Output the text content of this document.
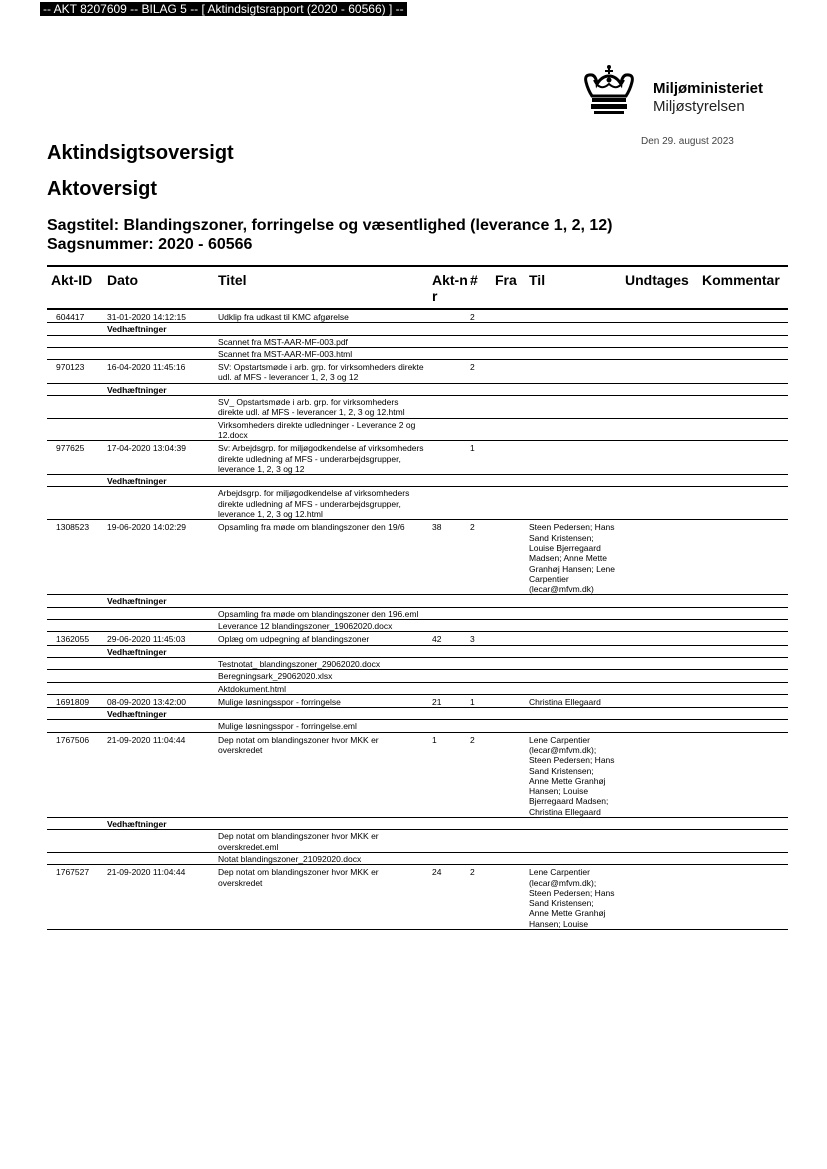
-- AKT 8207609 -- BILAG 5 -- [ Aktindsigtsrapport (2020 - 60566) ] --
Miljøministeriet
Miljøstyrelsen
Den 29. august 2023
Aktindsigtsoversigt
Aktoversigt
Sagstitel: Blandingszoner, forringelse og væsentlighed (leverance 1, 2, 12)
Sagsnummer: 2020 - 60566
Akt-ID	Dato	Titel	Akt-nr	#	Fra	Til	Undtages	Kommentar
604417	31-01-2020 14:12:15	Udklip fra udkast til KMC afgørelse		2				
	Vedhæftninger							
		Scannet fra MST-AAR-MF-003.pdf						
		Scannet fra MST-AAR-MF-003.html						
970123	16-04-2020 11:45:16	SV: Opstartsmøde i arb. grp. for virksomheders direkte udl. af MFS - leverancer 1, 2, 3 og 12		2				
	Vedhæftninger							
		SV_ Opstartsmøde i arb. grp. for virksomheders direkte udl. af MFS - leverancer 1, 2, 3 og 12.html						
		Virksomheders direkte udledninger - Leverance 2 og 12.docx						
977625	17-04-2020 13:04:39	Sv: Arbejdsgrp. for miljøgodkendelse af virksomheders direkte udledning af MFS - underarbejdsgrupper, leverance 1, 2, 3 og 12		1				
	Vedhæftninger							
		Arbejdsgrp. for miljøgodkendelse af virksomheders direkte udledning af MFS - underarbejdsgrupper, leverance 1, 2, 3 og 12.html						
1308523	19-06-2020 14:02:29	Opsamling fra møde om blandingszoner den 19/6	38	2		Steen Pedersen; Hans Sand Kristensen; Louise Bjerregaard Madsen; Anne Mette Granhøj Hansen; Lene Carpentier (lecar@mfvm.dk)		
	Vedhæftninger							
		Opsamling fra møde om blandingszoner den 196.eml						
		Leverance 12 blandingszoner_19062020.docx						
1362055	29-06-2020 11:45:03	Oplæg om udpegning af blandingszoner	42	3				
	Vedhæftninger							
		Testnotat_ blandingszoner_29062020.docx						
		Beregningsark_29062020.xlsx						
		Aktdokument.html						
1691809	08-09-2020 13:42:00	Mulige løsningsspor - forringelse	21	1		Christina Ellegaard		
	Vedhæftninger							
		Mulige løsningsspor - forringelse.eml						
1767506	21-09-2020 11:04:44	Dep notat om blandingszoner hvor MKK er overskredet	1	2		Lene Carpentier (lecar@mfvm.dk); Steen Pedersen; Hans Sand Kristensen; Anne Mette Granhøj Hansen; Louise Bjerregaard Madsen; Christina Ellegaard		
	Vedhæftninger							
		Dep notat om blandingszoner hvor MKK er overskredet.eml						
		Notat blandingszoner_21092020.docx						
1767527	21-09-2020 11:04:44	Dep notat om blandingszoner hvor MKK er overskredet	24	2		Lene Carpentier (lecar@mfvm.dk); Steen Pedersen; Hans Sand Kristensen; Anne Mette Granhøj Hansen; Louise		
